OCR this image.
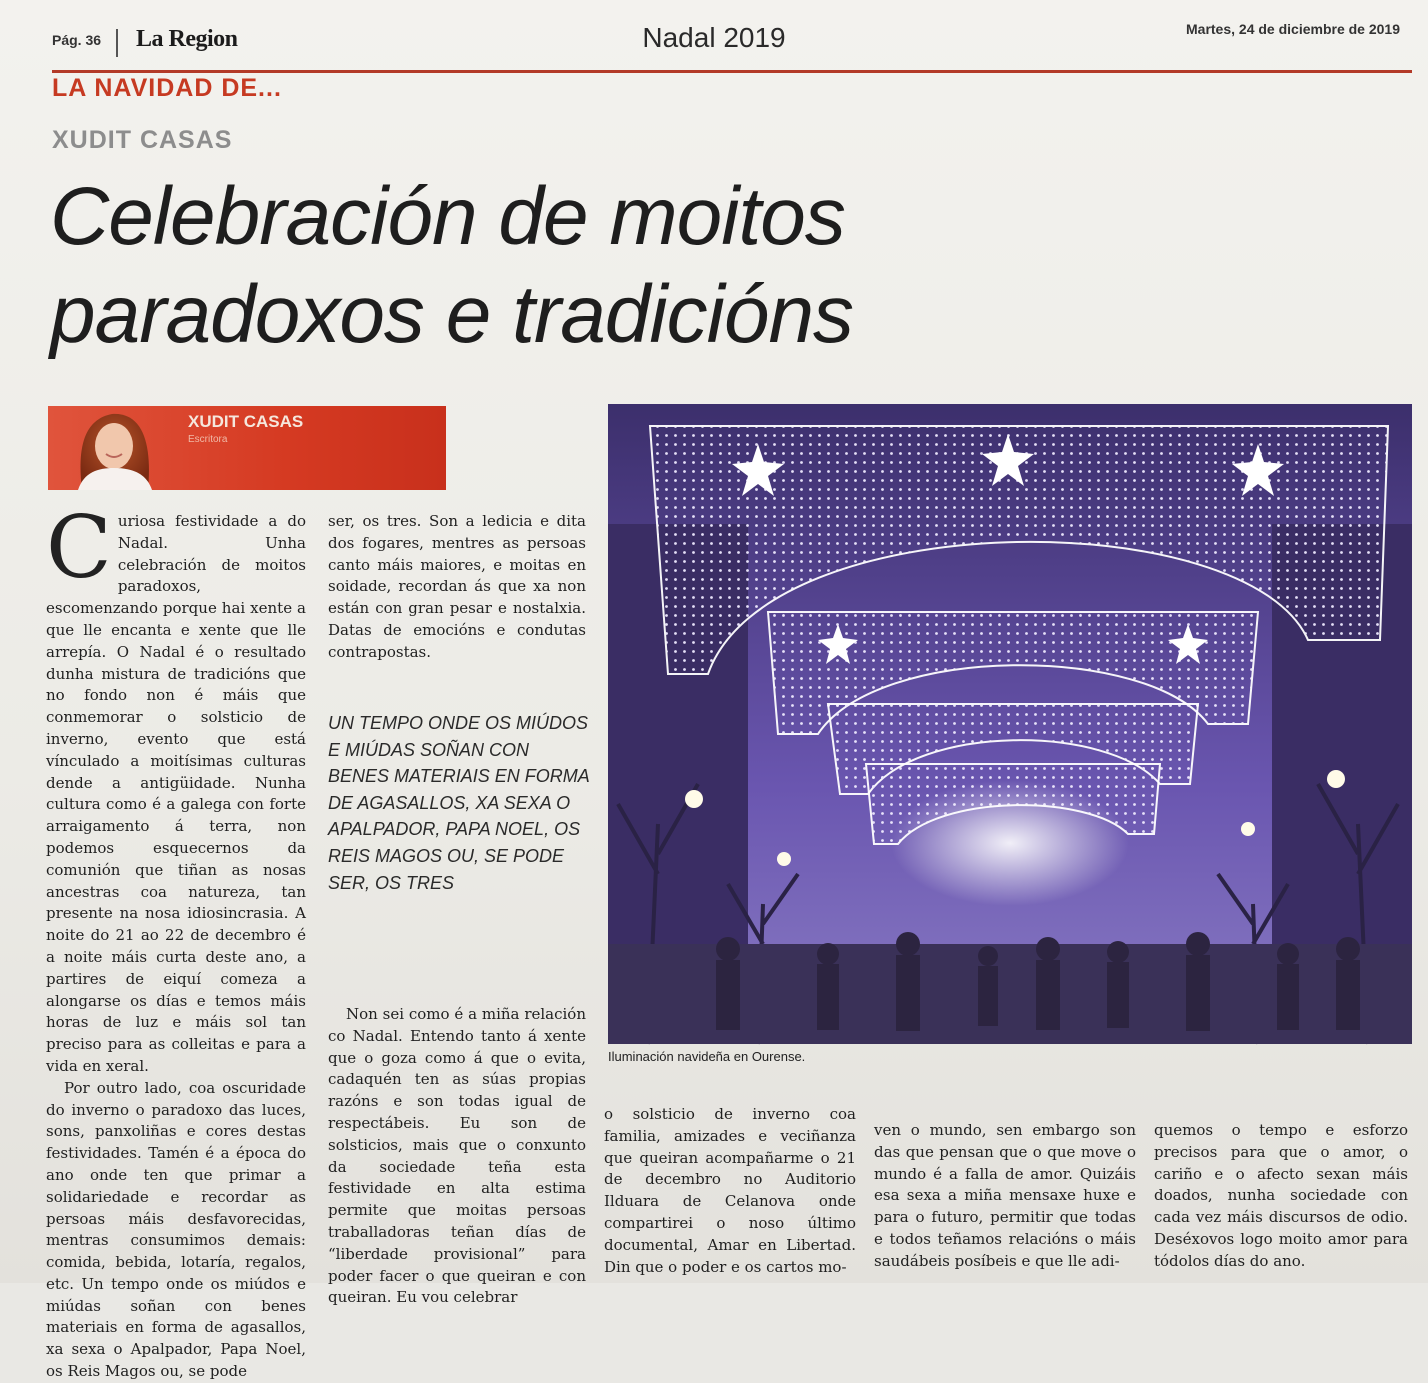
Pág. 36 La Region	Nadal 2019	Martes, 24 de diciembre de 2019
LA NAVIDAD DE...
XUDIT CASAS
Celebración de moitos
paradoxos e tradicións
XUDIT CASAS
Escritora
C uriosa festividade a do Nadal. Unha celebración de moitos paradoxos, escomenzando porque hai xente a que lle encanta e xente que lle arrepía. O Nadal é o resultado dunha mistura de tradicións que no fondo non é máis que conmemorar o solsticio de inverno, evento que está vínculado a moitísimas culturas dende a antigüidade. Nunha cultura como é a galega con forte arraigamento á terra, non podemos esquecernos da comunión que tiñan as nosas ancestras coa natureza, tan presente na nosa idiosincrasia. A noite do 21 ao 22 de decembro é a noite máis curta deste ano, a partires de eiquí comeza a alongarse os días e temos máis horas de luz e máis sol tan preciso para as colleitas e para a vida en xeral.

Por outro lado, coa oscuridade do inverno o paradoxo das luces, sons, panxoliñas e cores destas festividades. Tamén é a época do ano onde ten que primar a solidariedade e recordar as persoas máis desfavorecidas, mentras consumimos demais: comida, bebida, lotaría, regalos, etc. Un tempo onde os miúdos e miúdas soñan con benes materiais en forma de agasallos, xa sexa o Apalpador, Papa Noel, os Reis Magos ou, se pode

ser, os tres. Son a ledicia e dita dos fogares, mentres as persoas canto máis maiores, e moitas en soidade, recordan ás que xa non están con gran pesar e nostalxia. Datas de emocións e condutas contrapostas.

UN TEMPO ONDE OS MIÚDOS E MIÚDAS SOÑAN CON BENES MATERIAIS EN FORMA DE AGASALLOS, XA SEXA O APALPADOR, PAPA NOEL, OS REIS MAGOS OU, SE PODE SER, OS TRES

Non sei como é a miña relación co Nadal. Entendo tanto á xente que o goza como á que o evita, cadaquén ten as súas propias razóns e son todas igual de respectábeis. Eu son de solsticios, mais que o conxunto da sociedade teña esta festividade en alta estima permite que moitas persoas traballadoras teñan días de “liberdade provisional” para poder facer o que queiran e con queiran. Eu vou celebrar

o solsticio de inverno coa familia, amizades e veciñanza que queiran acompañarme o 21 de decembro no Auditorio Ilduara de Celanova onde compartirei o noso último documental, Amar en Libertad. Din que o poder e os cartos mo-

ven o mundo, sen embargo son das que pensan que o que move o mundo é a falla de amor. Quizáis esa sexa a miña mensaxe huxe e para o futuro, permitir que todas e todos teñamos relacións o máis saudábeis posíbeis e que lle adi-

quemos o tempo e esforzo precisos para que o amor, o cariño e o afecto sexan máis doados, nunha sociedade con cada vez máis discursos de odio. Deséxovos logo moito amor para tódolos días do ano.

Iluminación navideña en Ourense.
